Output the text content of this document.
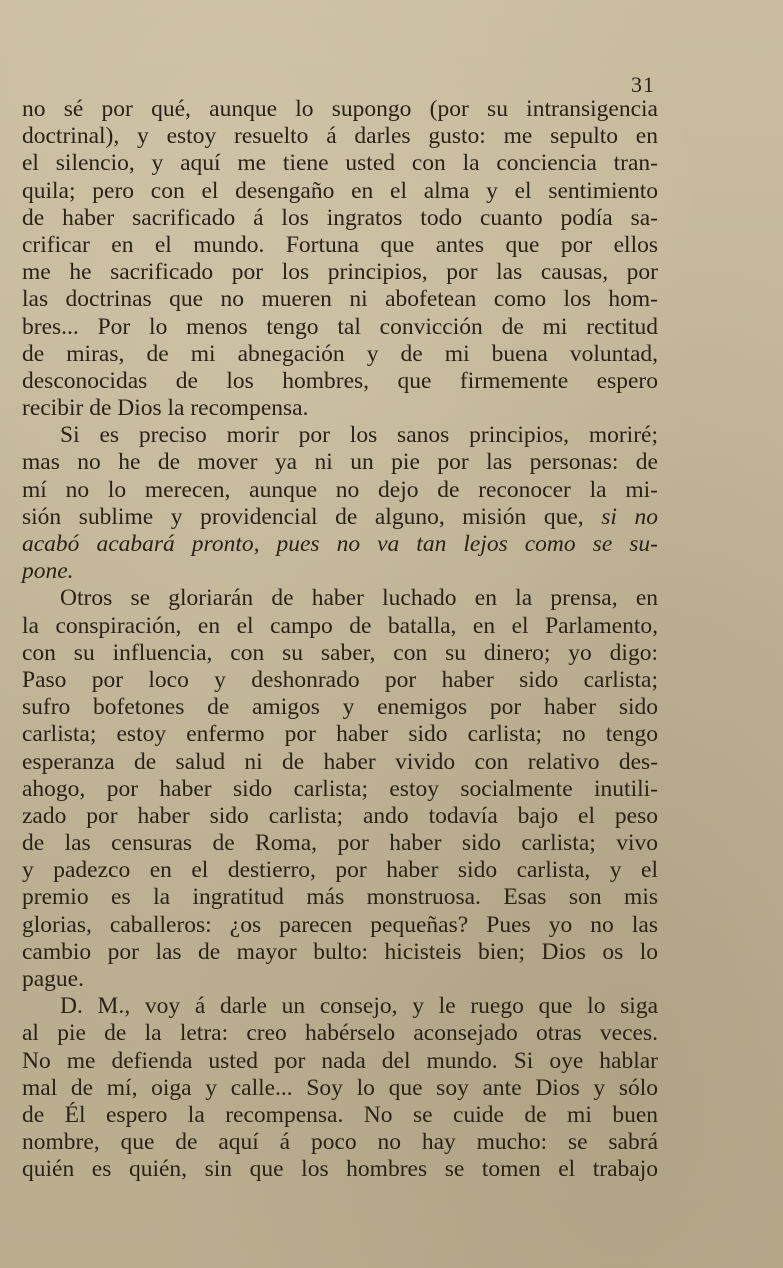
31
no sé por qué, aunque lo supongo (por su intransigencia
doctrinal), y estoy resuelto á darles gusto: me sepulto en
el silencio, y aquí me tiene usted con la conciencia tran-
quila; pero con el desengaño en el alma y el sentimiento
de haber sacrificado á los ingratos todo cuanto podía sa-
crificar en el mundo. Fortuna que antes que por ellos
me he sacrificado por los principios, por las causas, por
las doctrinas que no mueren ni abofetean como los hom-
bres... Por lo menos tengo tal convicción de mi rectitud
de miras, de mi abnegación y de mi buena voluntad,
desconocidas de los hombres, que firmemente espero
recibir de Dios la recompensa.
Si es preciso morir por los sanos principios, moriré;
mas no he de mover ya ni un pie por las personas: de
mí no lo merecen, aunque no dejo de reconocer la mi-
sión sublime y providencial de alguno, misión que, si no
acabó acabará pronto, pues no va tan lejos como se su-
pone.
Otros se gloriarán de haber luchado en la prensa, en
la conspiración, en el campo de batalla, en el Parlamento,
con su influencia, con su saber, con su dinero; yo digo:
Paso por loco y deshonrado por haber sido carlista;
sufro bofetones de amigos y enemigos por haber sido
carlista; estoy enfermo por haber sido carlista; no tengo
esperanza de salud ni de haber vivido con relativo des-
ahogo, por haber sido carlista; estoy socialmente inutili-
zado por haber sido carlista; ando todavía bajo el peso
de las censuras de Roma, por haber sido carlista; vivo
y padezco en el destierro, por haber sido carlista, y el
premio es la ingratitud más monstruosa. Esas son mis
glorias, caballeros: ¿os parecen pequeñas? Pues yo no las
cambio por las de mayor bulto: hicisteis bien; Dios os lo
pague.
D. M., voy á darle un consejo, y le ruego que lo siga
al pie de la letra: creo habérselo aconsejado otras veces.
No me defienda usted por nada del mundo. Si oye hablar
mal de mí, oiga y calle... Soy lo que soy ante Dios y sólo
de Él espero la recompensa. No se cuide de mi buen
nombre, que de aquí á poco no hay mucho: se sabrá
quién es quién, sin que los hombres se tomen el trabajo
